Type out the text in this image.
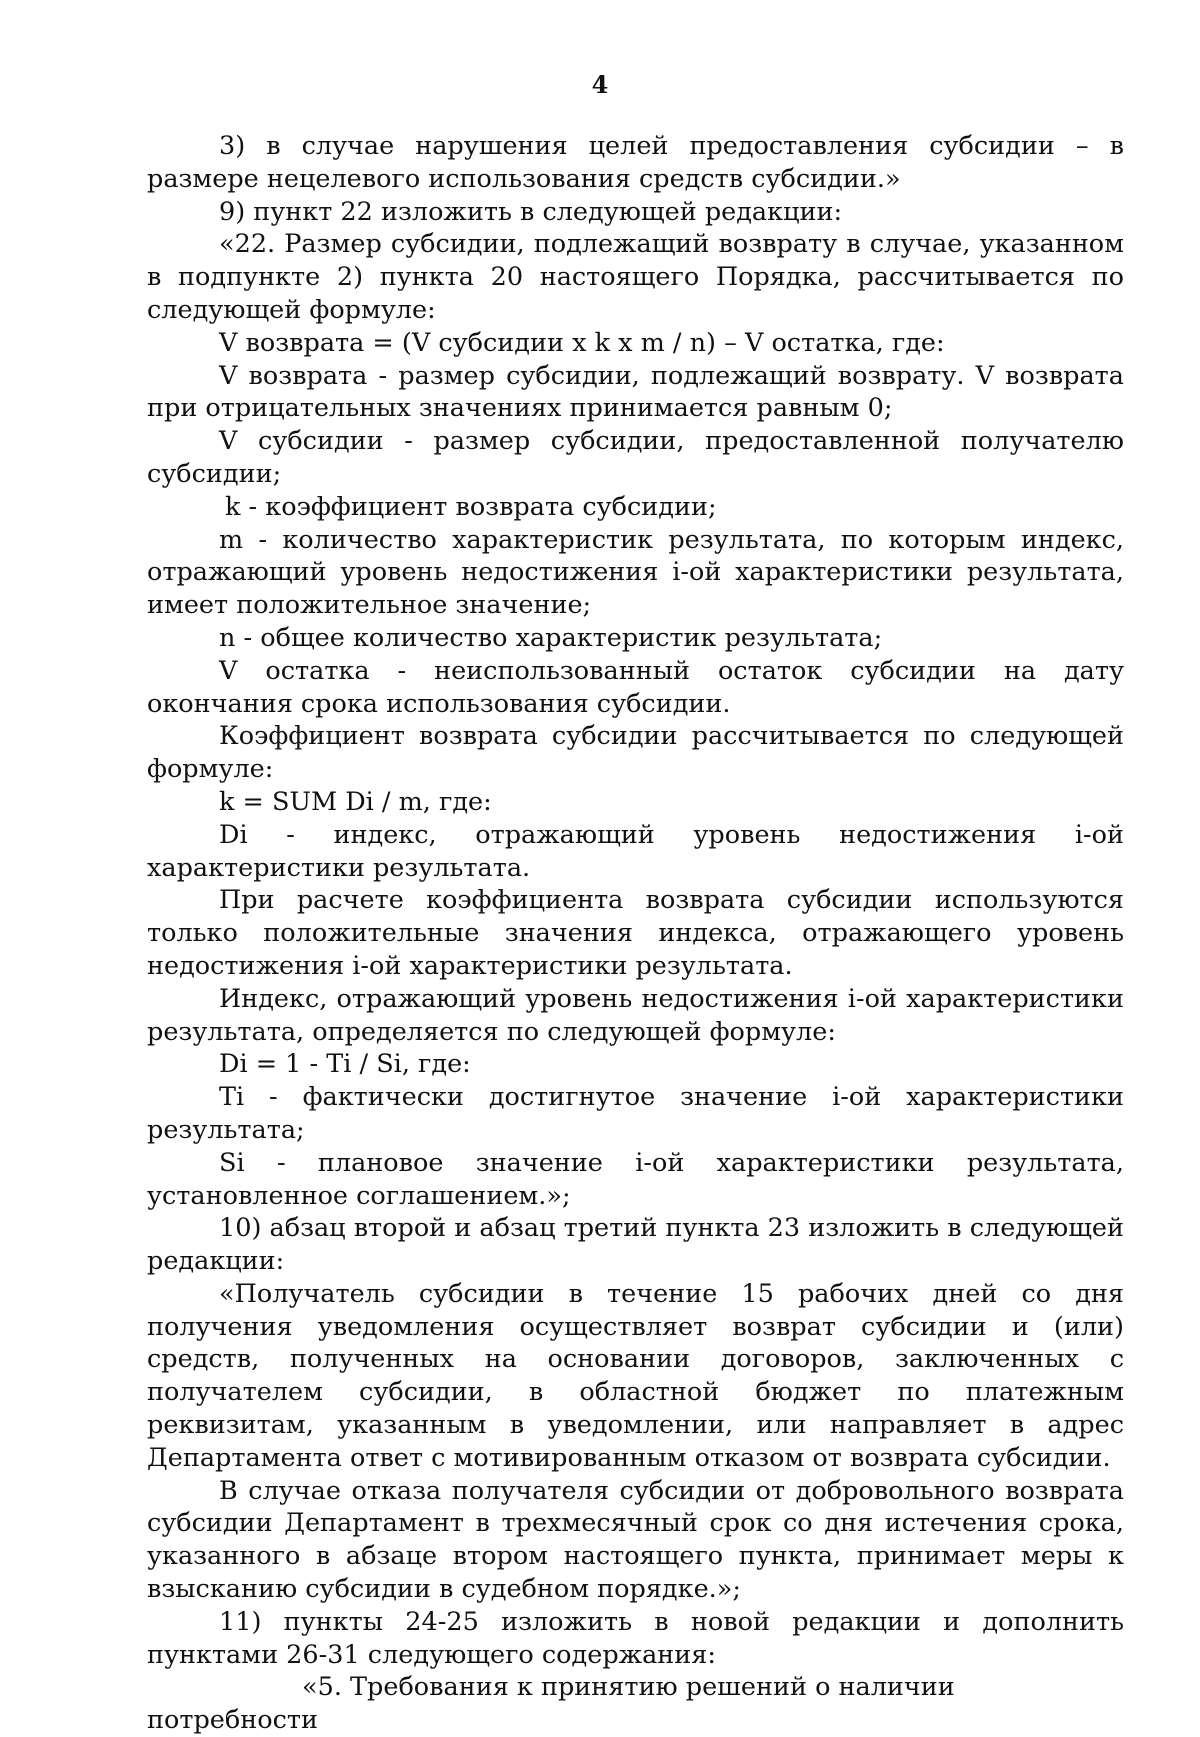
4

3) в случае нарушения целей предоставления субсидии – в размере нецелевого использования средств субсидии.»

9) пункт 22 изложить в следующей редакции:

«22. Размер субсидии, подлежащий возврату в случае, указанном в подпункте 2) пункта 20 настоящего Порядка, рассчитывается по следующей формуле:

V возврата = (V субсидии x k x m / n) – V остатка, где:

V возврата - размер субсидии, подлежащий возврату. V возврата при отрицательных значениях принимается равным 0;

V субсидии - размер субсидии, предоставленной получателю субсидии;

k - коэффициент возврата субсидии;

m - количество характеристик результата, по которым индекс, отражающий уровень недостижения i-ой характеристики результата, имеет положительное значение;

n - общее количество характеристик результата;

V остатка - неиспользованный остаток субсидии на дату окончания срока использования субсидии.

Коэффициент возврата субсидии рассчитывается по следующей формуле:

k = SUM Di / m, где:

Di - индекс, отражающий уровень недостижения i-ой характеристики результата.

При расчете коэффициента возврата субсидии используются только положительные значения индекса, отражающего уровень недостижения i-ой характеристики результата.

Индекс, отражающий уровень недостижения i-ой характеристики результата, определяется по следующей формуле:

Di = 1 - Ti / Si, где:

Ti - фактически достигнутое значение i-ой характеристики результата;

Si - плановое значение i-ой характеристики результата, установленное соглашением.»;

10) абзац второй и абзац третий пункта 23 изложить в следующей редакции:

«Получатель субсидии в течение 15 рабочих дней со дня получения уведомления осуществляет возврат субсидии и (или) средств, полученных на основании договоров, заключенных с получателем субсидии, в областной бюджет по платежным реквизитам, указанным в уведомлении, или направляет в адрес Департамента ответ с мотивированным отказом от возврата субсидии.

В случае отказа получателя субсидии от добровольного возврата субсидии Департамент в трехмесячный срок со дня истечения срока, указанного в абзаце втором настоящего пункта, принимает меры к взысканию субсидии в судебном порядке.»;

11) пункты 24-25 изложить в новой редакции и дополнить пунктами 26-31 следующего содержания:

«5. Требования к принятию решений о наличии потребности
